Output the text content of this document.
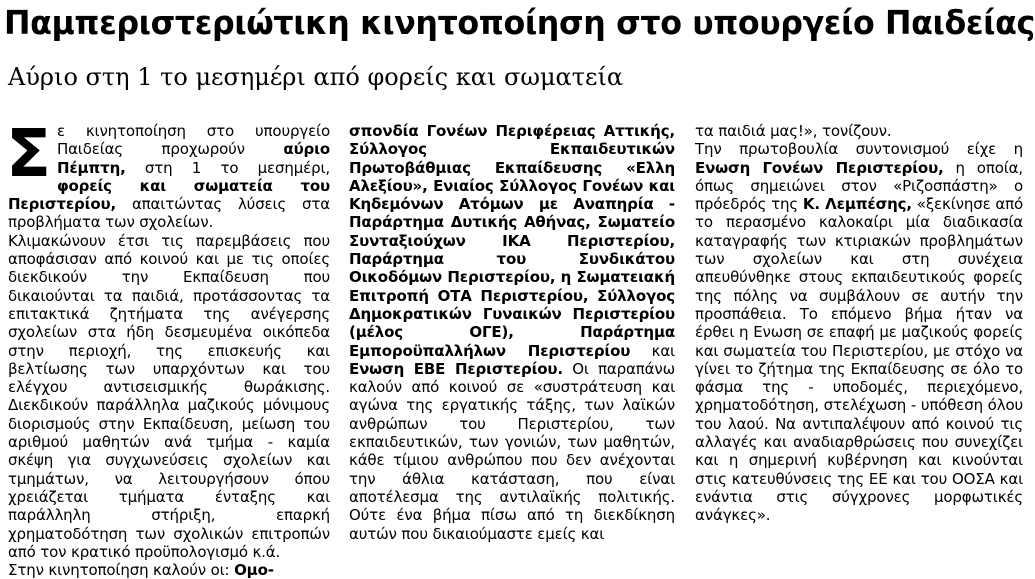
Παμπεριστεριώτικη κινητοποίηση στο υπουργείο Παιδείας
Αύριο στη 1 το μεσημέρι από φορείς και σωματεία
Σ ε κινητοποίηση στο υπουργείο Παιδείας προχωρούν αύριο Πέμπτη, στη 1 το μεσημέρι, φορείς και σωματεία του Περιστερίου, απαιτώντας λύσεις στα προβλήματα των σχολείων.
Κλιμακώνουν έτσι τις παρεμβάσεις που αποφάσισαν από κοινού και με τις οποίες διεκδικούν την Εκπαίδευση που δικαιούνται τα παιδιά, προτάσσοντας τα επιτακτικά ζητήματα της ανέγερσης σχολείων στα ήδη δεσμευμένα οικόπεδα στην περιοχή, της επισκευής και βελτίωσης των υπαρχόντων και του ελέγχου αντισεισμικής θωράκισης. Διεκδικούν παράλληλα μαζικούς μόνιμους διορισμούς στην Εκπαίδευση, μείωση του αριθμού μαθητών ανά τμήμα - καμία σκέψη για συγχωνεύσεις σχολείων και τμημάτων, να λειτουργήσουν όπου χρειάζεται τμήματα ένταξης και παράλληλη στήριξη, επαρκή χρηματοδότηση των σχολικών επιτροπών από τον κρατικό προϋπολογισμό κ.ά.
Στην κινητοποίηση καλούν οι: Ομο-
σπονδία Γονέων Περιφέρειας Αττικής, Σύλλογος Εκπαιδευτικών Πρωτοβάθμιας Εκπαίδευσης «Ελλη Αλεξίου», Ενιαίος Σύλλογος Γονέων και Κηδεμόνων Ατόμων με Αναπηρία - Παράρτημα Δυτικής Αθήνας, Σωματείο Συνταξιούχων ΙΚΑ Περιστερίου, Παράρτημα του Συνδικάτου Οικοδόμων Περιστερίου, η Σωματειακή Επιτροπή ΟΤΑ Περιστερίου, Σύλλογος Δημοκρατικών Γυναικών Περιστερίου (μέλος ΟΓΕ), Παράρτημα Εμποροϋπαλλήλων Περιστερίου και Ενωση ΕΒΕ Περιστερίου. Οι παραπάνω καλούν από κοινού σε «συστράτευση και αγώνα της εργατικής τάξης, των λαϊκών ανθρώπων του Περιστερίου, των εκπαιδευτικών, των γονιών, των μαθητών, κάθε τίμιου ανθρώπου που δεν ανέχονται την άθλια κατάσταση, που είναι αποτέλεσμα της αντιλαϊκής πολιτικής. Ούτε ένα βήμα πίσω από τη διεκδίκηση αυτών που δικαιούμαστε εμείς και
τα παιδιά μας!», τονίζουν.
Την πρωτοβουλία συντονισμού είχε η Ενωση Γονέων Περιστερίου, η οποία, όπως σημειώνει στον «Ριζοσπάστη» ο πρόεδρός της Κ. Λεμπέσης, «ξεκίνησε από το περασμένο καλοκαίρι μία διαδικασία καταγραφής των κτιριακών προβλημάτων των σχολείων και στη συνέχεια απευθύνθηκε στους εκπαιδευτικούς φορείς της πόλης να συμβάλουν σε αυτήν την προσπάθεια. Το επόμενο βήμα ήταν να έρθει η Ενωση σε επαφή με μαζικούς φορείς και σωματεία του Περιστερίου, με στόχο να γίνει το ζήτημα της Εκπαίδευσης σε όλο το φάσμα της - υποδομές, περιεχόμενο, χρηματοδότηση, στελέχωση - υπόθεση όλου του λαού. Να αντιπαλέψουν από κοινού τις αλλαγές και αναδιαρθρώσεις που συνεχίζει και η σημερινή κυβέρνηση και κινούνται στις κατευθύνσεις της ΕΕ και του ΟΟΣΑ και ενάντια στις σύγχρονες μορφωτικές ανάγκες».
